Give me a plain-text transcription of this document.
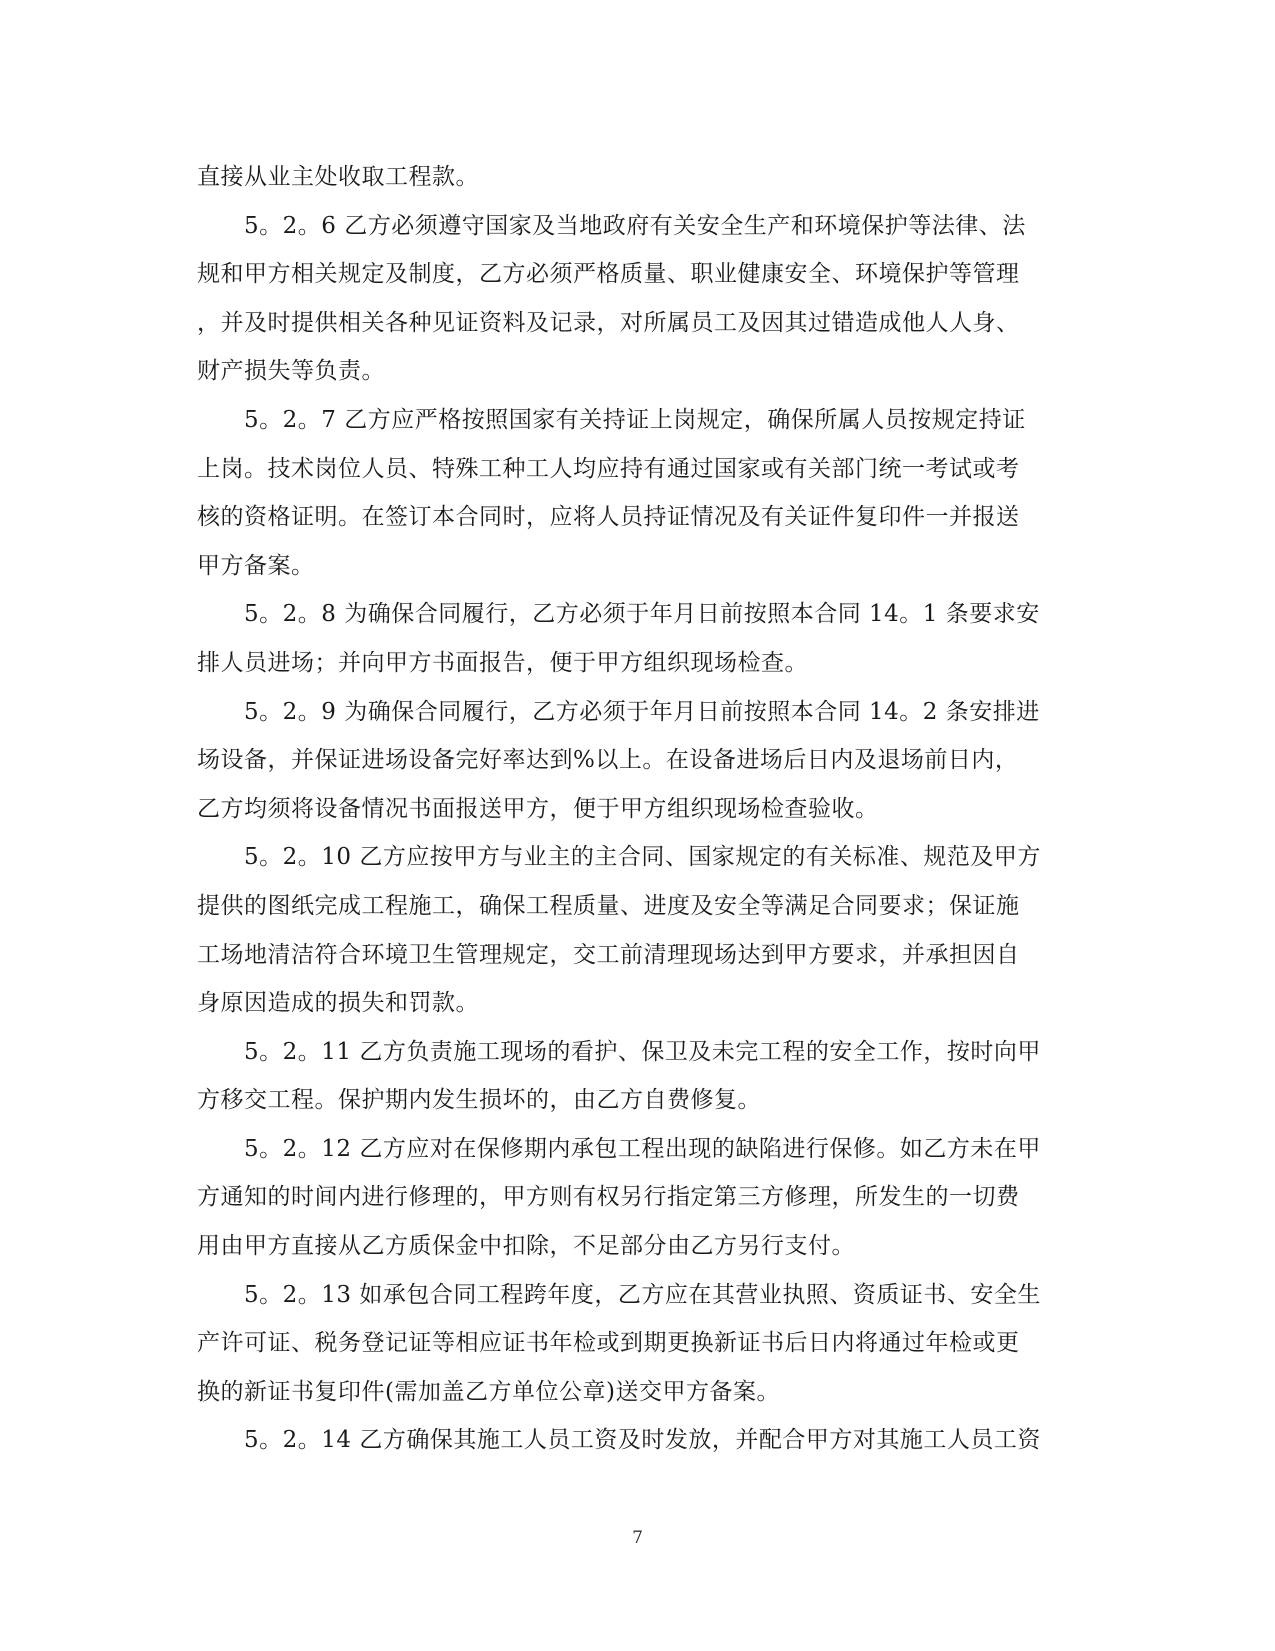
直接从业主处收取工程款。
5。2。6 乙方必须遵守国家及当地政府有关安全生产和环境保护等法律、法
规和甲方相关规定及制度，乙方必须严格质量、职业健康安全、环境保护等管理
，并及时提供相关各种见证资料及记录，对所属员工及因其过错造成他人人身、
财产损失等负责。
5。2。7 乙方应严格按照国家有关持证上岗规定，确保所属人员按规定持证
上岗。技术岗位人员、特殊工种工人均应持有通过国家或有关部门统一考试或考
核的资格证明。在签订本合同时，应将人员持证情况及有关证件复印件一并报送
甲方备案。
5。2。8 为确保合同履行，乙方必须于年月日前按照本合同 14。1 条要求安
排人员进场；并向甲方书面报告，便于甲方组织现场检查。
5。2。9 为确保合同履行，乙方必须于年月日前按照本合同 14。2 条安排进
场设备，并保证进场设备完好率达到%以上。在设备进场后日内及退场前日内，
乙方均须将设备情况书面报送甲方，便于甲方组织现场检查验收。
5。2。10 乙方应按甲方与业主的主合同、国家规定的有关标准、规范及甲方
提供的图纸完成工程施工，确保工程质量、进度及安全等满足合同要求；保证施
工场地清洁符合环境卫生管理规定，交工前清理现场达到甲方要求，并承担因自
身原因造成的损失和罚款。
5。2。11 乙方负责施工现场的看护、保卫及未完工程的安全工作，按时向甲
方移交工程。保护期内发生损坏的，由乙方自费修复。
5。2。12 乙方应对在保修期内承包工程出现的缺陷进行保修。如乙方未在甲
方通知的时间内进行修理的，甲方则有权另行指定第三方修理，所发生的一切费
用由甲方直接从乙方质保金中扣除，不足部分由乙方另行支付。
5。2。13 如承包合同工程跨年度，乙方应在其营业执照、资质证书、安全生
产许可证、税务登记证等相应证书年检或到期更换新证书后日内将通过年检或更
换的新证书复印件(需加盖乙方单位公章)送交甲方备案。
5。2。14 乙方确保其施工人员工资及时发放，并配合甲方对其施工人员工资
7
